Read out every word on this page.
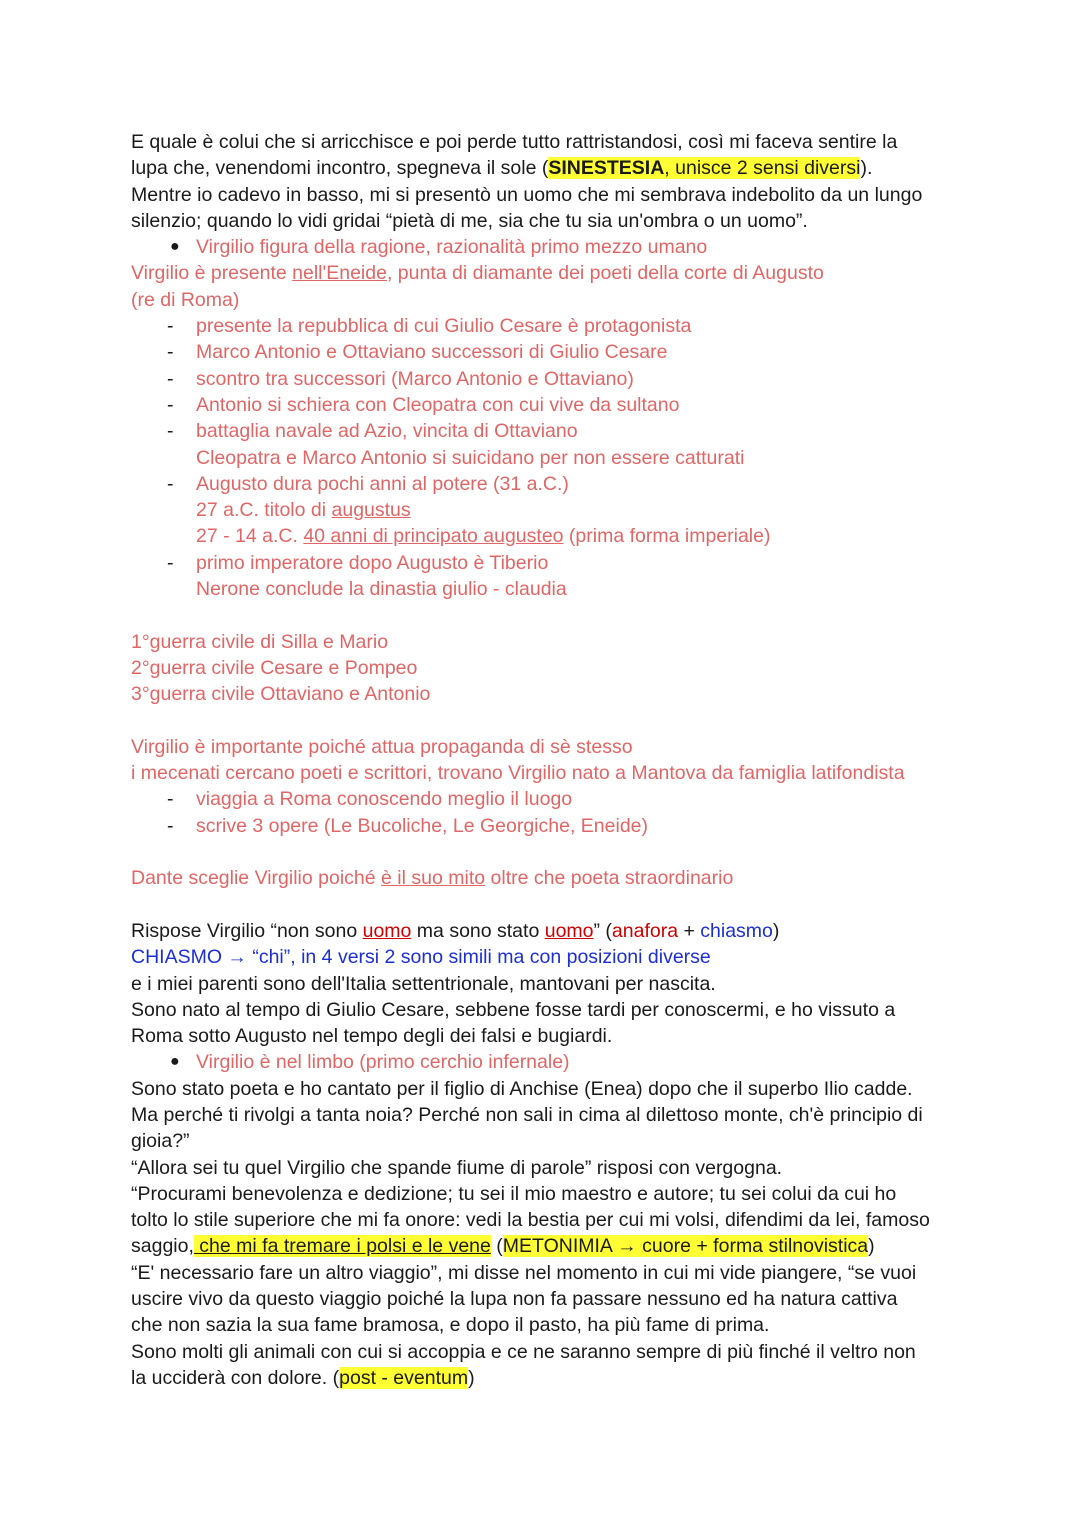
E quale è colui che si arricchisce e poi perde tutto rattristandosi, così mi faceva sentire la
lupa che, venendomi incontro, spegneva il sole (SINESTESIA, unisce 2 sensi diversi).
Mentre io cadevo in basso, mi si presentò un uomo che mi sembrava indebolito da un lungo
silenzio; quando lo vidi gridai “pietà di me, sia che tu sia un'ombra o un uomo”.
● Virgilio figura della ragione, razionalità primo mezzo umano
Virgilio è presente nell'Eneide, punta di diamante dei poeti della corte di Augusto
(re di Roma)
- presente la repubblica di cui Giulio Cesare è protagonista
- Marco Antonio e Ottaviano successori di Giulio Cesare
- scontro tra successori (Marco Antonio e Ottaviano)
- Antonio si schiera con Cleopatra con cui vive da sultano
- battaglia navale ad Azio, vincita di Ottaviano
Cleopatra e Marco Antonio si suicidano per non essere catturati
- Augusto dura pochi anni al potere (31 a.C.)
27 a.C. titolo di augustus
27 - 14 a.C. 40 anni di principato augusteo (prima forma imperiale)
- primo imperatore dopo Augusto è Tiberio
Nerone conclude la dinastia giulio - claudia
1°guerra civile di Silla e Mario
2°guerra civile Cesare e Pompeo
3°guerra civile Ottaviano e Antonio
Virgilio è importante poiché attua propaganda di sè stesso
i mecenati cercano poeti e scrittori, trovano Virgilio nato a Mantova da famiglia latifondista
- viaggia a Roma conoscendo meglio il luogo
- scrive 3 opere (Le Bucoliche, Le Georgiche, Eneide)
Dante sceglie Virgilio poiché è il suo mito oltre che poeta straordinario
Rispose Virgilio “non sono uomo ma sono stato uomo” (anafora + chiasmo)
CHIASMO → “chi”, in 4 versi 2 sono simili ma con posizioni diverse
e i miei parenti sono dell'Italia settentrionale, mantovani per nascita.
Sono nato al tempo di Giulio Cesare, sebbene fosse tardi per conoscermi, e ho vissuto a
Roma sotto Augusto nel tempo degli dei falsi e bugiardi.
● Virgilio è nel limbo (primo cerchio infernale)
Sono stato poeta e ho cantato per il figlio di Anchise (Enea) dopo che il superbo Ilio cadde.
Ma perché ti rivolgi a tanta noia? Perché non sali in cima al dilettoso monte, ch'è principio di
gioia?”
“Allora sei tu quel Virgilio che spande fiume di parole” risposi con vergogna.
“Procurami benevolenza e dedizione; tu sei il mio maestro e autore; tu sei colui da cui ho
tolto lo stile superiore che mi fa onore: vedi la bestia per cui mi volsi, difendimi da lei, famoso
saggio, che mi fa tremare i polsi e le vene (METONIMIA → cuore + forma stilnovistica)
“E' necessario fare un altro viaggio”, mi disse nel momento in cui mi vide piangere, “se vuoi
uscire vivo da questo viaggio poiché la lupa non fa passare nessuno ed ha natura cattiva
che non sazia la sua fame bramosa, e dopo il pasto, ha più fame di prima.
Sono molti gli animali con cui si accoppia e ce ne saranno sempre di più finché il veltro non
la ucciderà con dolore. (post - eventum)
